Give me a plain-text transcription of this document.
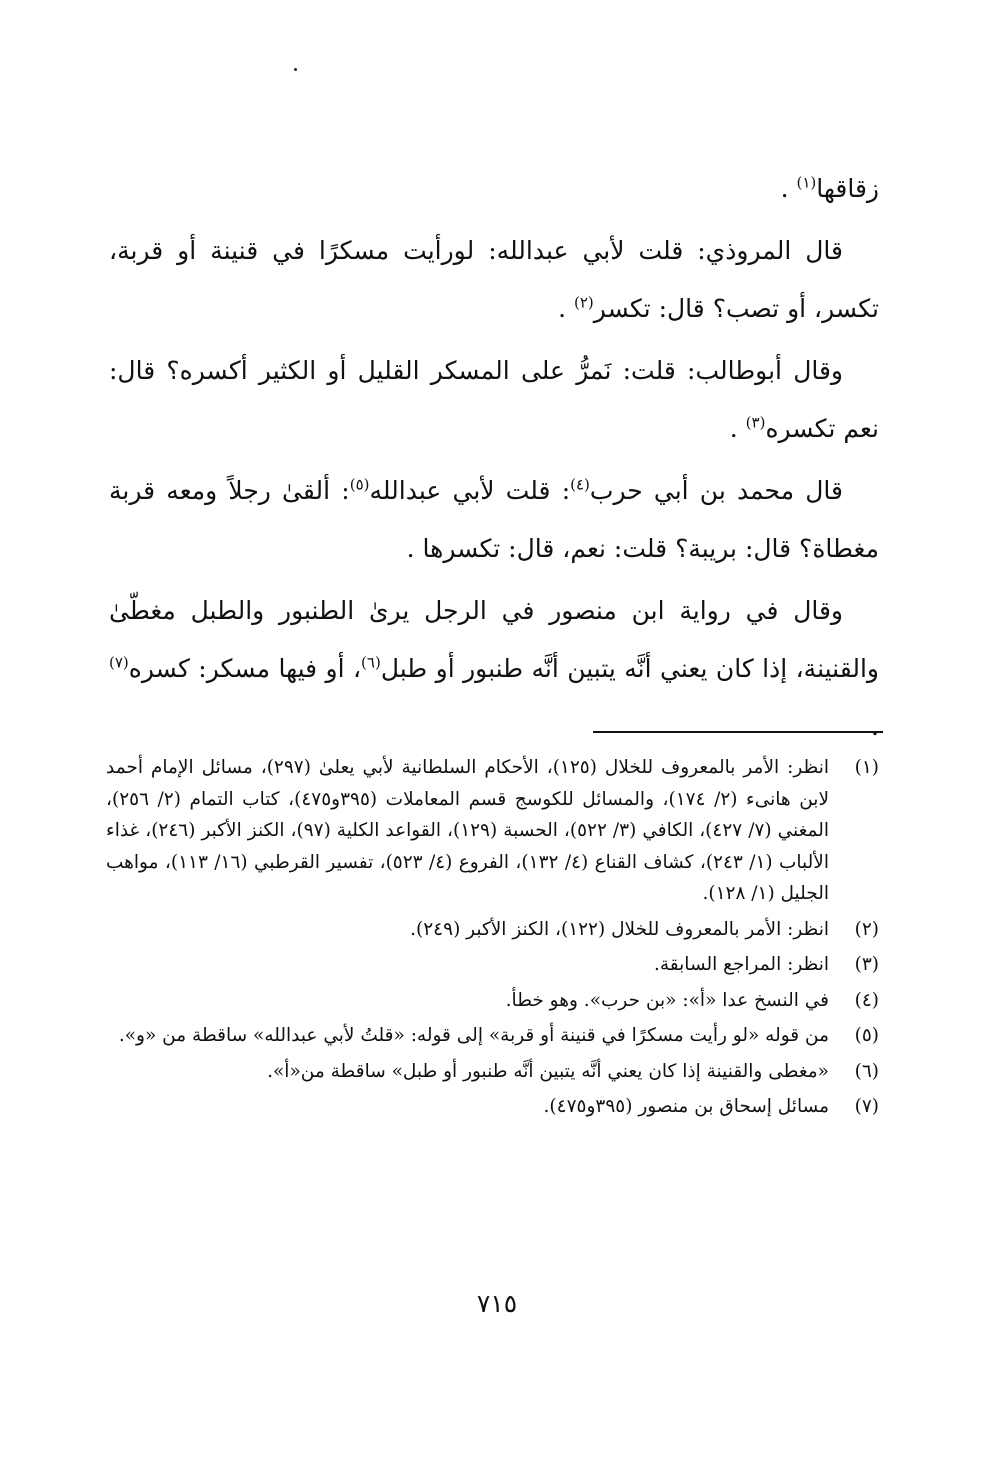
زقاقها$^{(١)}$ .

قال المروذي: قلت لأبي عبدالله: لورأيت مسكرًا في قنينة أو قربة، تكسر، أو تصب؟ قال: تكسر$^{(٢)}$ .

وقال أبوطالب: قلت: نَمرُّ على المسكر القليل أو الكثير أكسره؟ قال: نعم تكسره$^{(٣)}$ .

قال محمد بن أبي حرب$^{(٤)}$: قلت لأبي عبدالله$^{(٥)}$: ألقىٰ رجلاً ومعه قربة مغطاة؟ قال: بريبة؟ قلت: نعم، قال: تكسرها .

وقال في رواية ابن منصور في الرجل يرىٰ الطنبور والطبل مغطّىٰ والقنينة، إذا كان يعني أنَّه يتبين أنَّه طنبور أو طبل$^{(٦)}$، أو فيها مسكر: كسره$^{(٧)}$ .

(١)
انظر: الأمر بالمعروف للخلال (١٢٥)، الأحكام السلطانية لأبي يعلىٰ (٢٩٧)، مسائل الإمام أحمد لابن هانىء (٢/ ١٧٤)، والمسائل للكوسج قسم المعاملات (٣٩٥و٤٧٥)، كتاب التمام (٢/ ٢٥٦)، المغني (٧/ ٤٢٧)، الكافي (٣/ ٥٢٢)، الحسبة (١٢٩)، القواعد الكلية (٩٧)، الكنز الأكبر (٢٤٦)، غذاء الألباب (١/ ٢٤٣)، كشاف القناع (٤/ ١٣٢)، الفروع (٤/ ٥٢٣)، تفسير القرطبي (١٦/ ١١٣)، مواهب الجليل (١/ ١٢٨).
(٢)
انظر: الأمر بالمعروف للخلال (١٢٢)، الكنز الأكبر (٢٤٩).
(٣)
انظر: المراجع السابقة.
(٤)
في النسخ عدا «أ»: «بن حرب». وهو خطأ.
(٥)
من قوله «لو رأيت مسكرًا في قنينة أو قربة» إلى قوله: «قلتُ لأبي عبدالله» ساقطة من «و».
(٦)
«مغطى والقنينة إذا كان يعني أنَّه يتبين أنَّه طنبور أو طبل» ساقطة من«أ».
(٧)
مسائل إسحاق بن منصور (٣٩٥و٤٧٥).
٧١٥
